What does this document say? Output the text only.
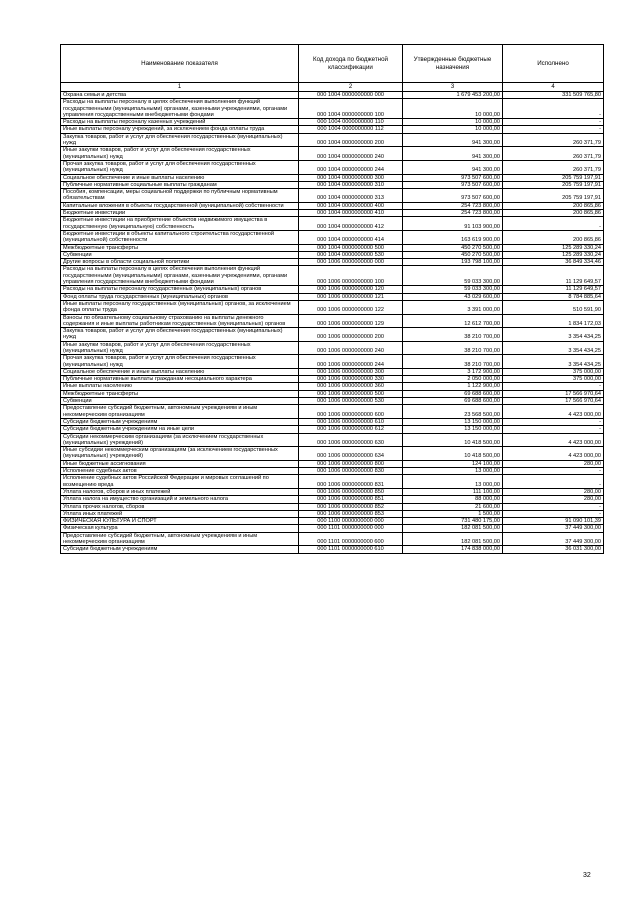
Наименование показателя	Код дохода по бюджетной классификации	Утвержденные бюджетные назначения	Исполнено
1	2	3	4
Охрана семьи и детства	000 1004 0000000000 000	1 679 453 200,00	331 509 765,80
Расходы на выплаты персоналу в целях обеспечения выполнения функций государственными (муниципальными) органами, казенными учреждениями, органами управления государственными внебюджетными фондами	000 1004 0000000000 100	10 000,00	-
Расходы на выплаты персоналу казенных учреждений	000 1004 0000000000 110	10 000,00	-
Иные выплаты персоналу учреждений, за исключением фонда оплаты труда	000 1004 0000000000 112	10 000,00	-
Закупка товаров, работ и услуг для обеспечения государственных (муниципальных) нужд	000 1004 0000000000 200	941 300,00	260 371,79
Иные закупки товаров, работ и услуг для обеспечения государственных (муниципальных) нужд	000 1004 0000000000 240	941 300,00	260 371,79
Прочая закупка товаров, работ и услуг для обеспечения государственных (муниципальных) нужд	000 1004 0000000000 244	941 300,00	260 371,79
Социальное обеспечение и иные выплаты населению	000 1004 0000000000 300	973 507 600,00	205 759 197,91
Публичные нормативные социальные выплаты гражданам	000 1004 0000000000 310	973 507 600,00	205 759 197,91
Пособия, компенсации, меры социальной поддержки по публичным нормативным обязательствам	000 1004 0000000000 313	973 507 600,00	205 759 197,91
Капитальные вложения в объекты государственной (муниципальной) собственности	000 1004 0000000000 400	254 723 800,00	200 865,86
Бюджетные инвестиции	000 1004 0000000000 410	254 723 800,00	200 865,86
Бюджетные инвестиции на приобретение объектов недвижимого имущества в государственную (муниципальную) собственность	000 1004 0000000000 412	91 103 900,00	-
Бюджетные инвестиции в объекты капитального строительства государственной (муниципальной) собственности	000 1004 0000000000 414	163 619 900,00	200 865,86
Межбюджетные трансферты	000 1004 0000000000 500	450 270 500,00	125 289 330,24
Субвенции	000 1004 0000000000 530	450 270 500,00	125 289 330,24
Другие вопросы в области социальной политики	000 1006 0000000000 000	193 798 100,00	36 849 334,46
Расходы на выплаты персоналу в целях обеспечения выполнения функций государственными (муниципальными) органами, казенными учреждениями, органами управления государственными внебюджетными фондами	000 1006 0000000000 100	59 033 300,00	11 129 649,57
Расходы на выплаты персоналу государственных (муниципальных) органов	000 1006 0000000000 120	59 033 300,00	11 129 649,57
Фонд оплаты труда государственных (муниципальных) органов	000 1006 0000000000 121	43 029 600,00	8 784 885,64
Иные выплаты персоналу государственных (муниципальных) органов, за исключением фонда оплаты труда	000 1006 0000000000 122	3 391 000,00	510 591,90
Взносы по обязательному социальному страхованию на выплаты денежного содержания и иные выплаты работникам государственных (муниципальных) органов	000 1006 0000000000 129	12 612 700,00	1 834 172,03
Закупка товаров, работ и услуг для обеспечения государственных (муниципальных) нужд	000 1006 0000000000 200	38 210 700,00	3 354 434,25
Иные закупки товаров, работ и услуг для обеспечения государственных (муниципальных) нужд	000 1006 0000000000 240	38 210 700,00	3 354 434,25
Прочая закупка товаров, работ и услуг для обеспечения государственных (муниципальных) нужд	000 1006 0000000000 244	38 210 700,00	3 354 434,25
Социальное обеспечение и иные выплаты населению	000 1006 0000000000 300	3 172 900,00	375 000,00
Публичные нормативные выплаты гражданам несоциального характера	000 1006 0000000000 330	2 050 000,00	375 000,00
Иные выплаты населению	000 1006 0000000000 360	1 122 900,00	-
Межбюджетные трансферты	000 1006 0000000000 500	69 688 600,00	17 566 970,64
Субвенции	000 1006 0000000000 530	69 688 600,00	17 566 970,64
Предоставление субсидий бюджетным, автономным учреждениям и иным некоммерческим организациям	000 1006 0000000000 600	23 568 500,00	4 423 000,00
Субсидии бюджетным учреждениям	000 1006 0000000000 610	13 150 000,00	-
Субсидии бюджетным учреждениям на иные цели	000 1006 0000000000 612	13 150 000,00	-
Субсидии некоммерческим организациям (за исключением государственных (муниципальных) учреждений)	000 1006 0000000000 630	10 418 500,00	4 423 000,00
Иные субсидии некоммерческим организациям (за исключением государственных (муниципальных) учреждений)	000 1006 0000000000 634	10 418 500,00	4 423 000,00
Иные бюджетные ассигнования	000 1006 0000000000 800	124 100,00	280,00
Исполнение судебных актов	000 1006 0000000000 830	13 000,00	-
Исполнение судебных актов Российской Федерации и мировых соглашений по возмещению вреда	000 1006 0000000000 831	13 000,00	-
Уплата налогов, сборов и иных платежей	000 1006 0000000000 850	111 100,00	280,00
Уплата налога на имущество организаций и земельного налога	000 1006 0000000000 851	88 000,00	280,00
Уплата прочих налогов, сборов	000 1006 0000000000 852	21 600,00	-
Уплата иных платежей	000 1006 0000000000 853	1 500,00	-
ФИЗИЧЕСКАЯ КУЛЬТУРА И СПОРТ	000 1100 0000000000 000	731 480 175,00	91 090 101,39
Физическая культура	000 1101 0000000000 000	182 081 500,00	37 449 300,00
Предоставление субсидий бюджетным, автономным учреждениям и иным некоммерческим организациям	000 1101 0000000000 600	182 081 500,00	37 449 300,00
Субсидии бюджетным учреждениям	000 1101 0000000000 610	174 838 000,00	36 031 300,00
32
